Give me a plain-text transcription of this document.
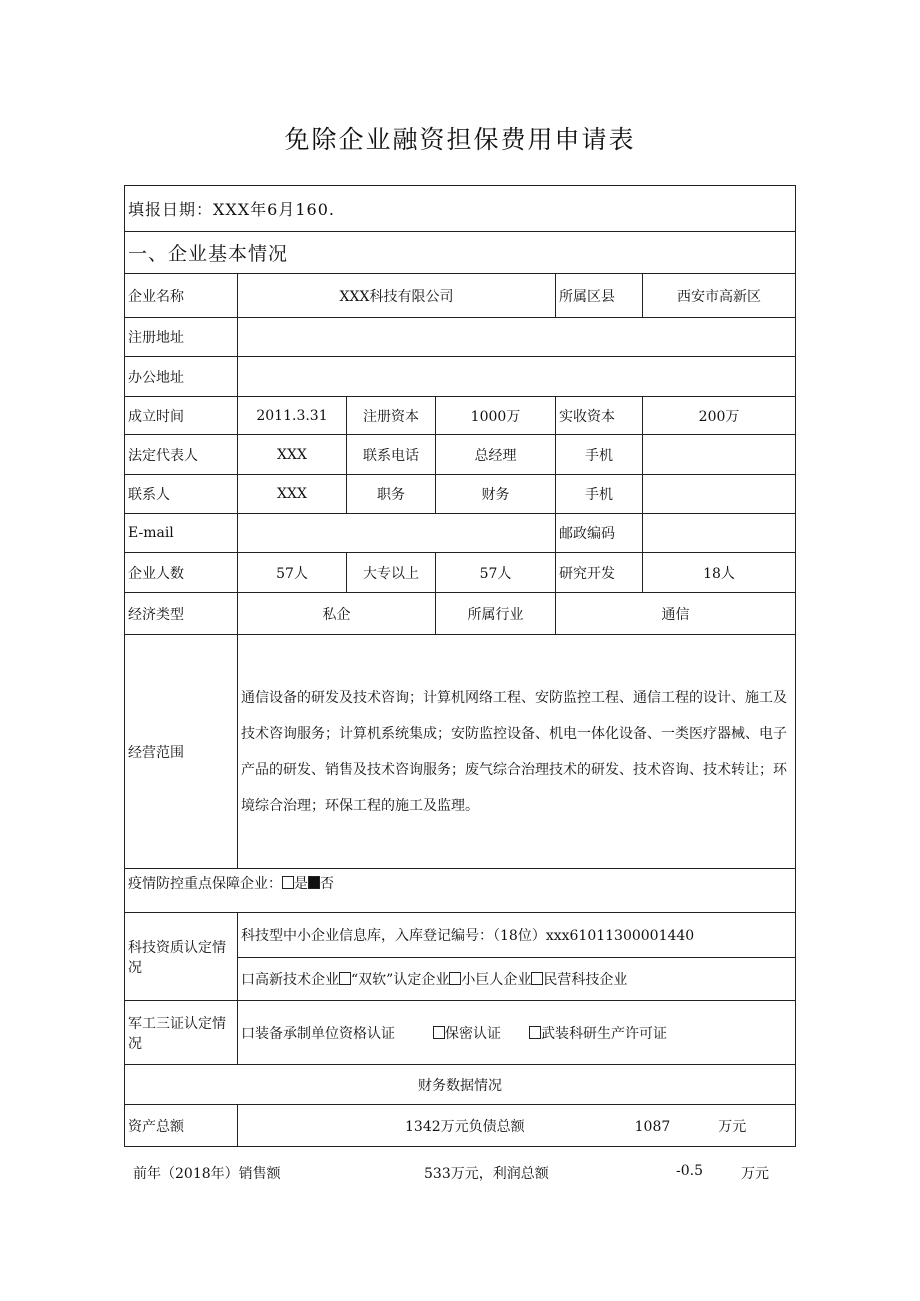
免除企业融资担保费用申请表
填报日期：XXX年6月160.					
一、企业基本情况					
企业名称	XXX科技有限公司			所属区县	西安市高新区
注册地址					
办公地址					
成立时间	2011.3.31	注册资本	1000万	实收资本	200万
法定代表人	XXX	联系电话	总经理	手机	
联系人	XXX	职务	财务	手机	
E-mail				邮政编码	
企业人数	57人	大专以上	57人	研究开发	18人
经济类型	私企		所属行业	通信	
经营范围	通信设备的研发及技术咨询；计算机网络工程、安防监控工程、通信工程的设计、施工及技术咨询服务；计算机系统集成；安防监控设备、机电一体化设备、一类医疗器械、电子产品的研发、销售及技术咨询服务；废气综合治理技术的研发、技术咨询、技术转让；环境综合治理；环保工程的施工及监理。				
疫情防控重点保障企业： 是 否					
科技资质认定情况	科技型中小企业信息库，入库登记编号：（18位）xxx61011300001440				
	口高新技术企业 “双软”认定企业 小巨人企业 民营科技企业				
军工三证认定情况	口装备承制单位资格认证 保密认证 武装科研生产许可证				
财务数据情况					
资产总额	1342万元负债总额 1087 万元				
前年（2018年）销售额	533万元，利润总额	-0.5	万元
